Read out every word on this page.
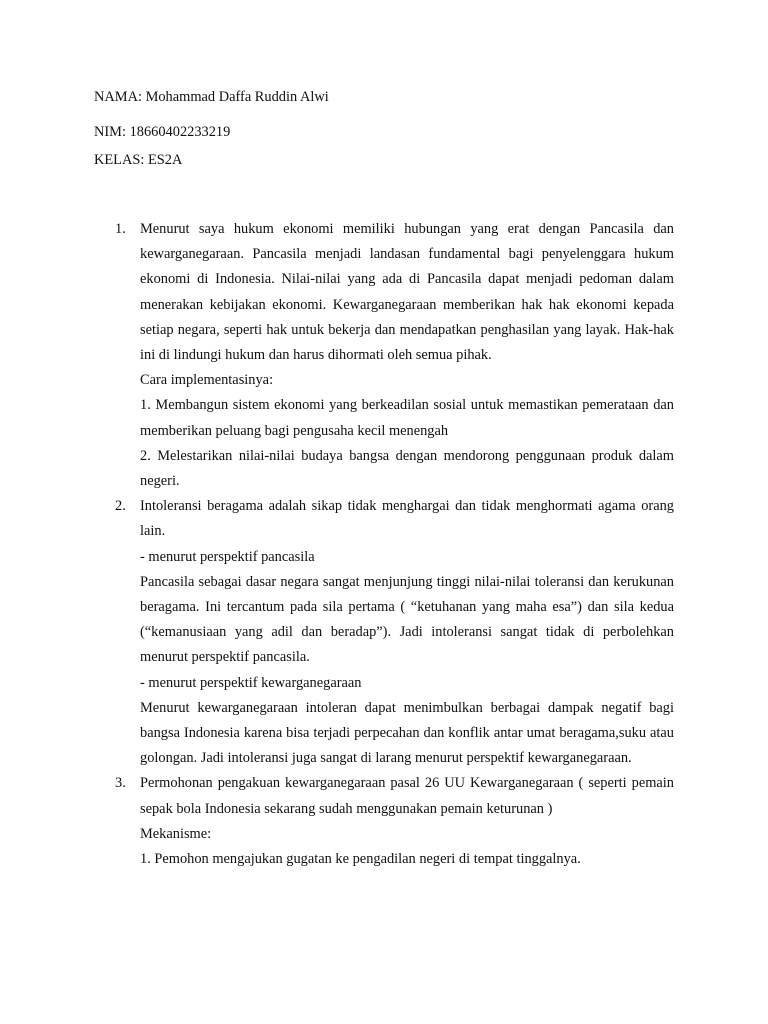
NAMA: Mohammad Daffa Ruddin Alwi

NIM: 18660402233219

KELAS: ES2A

1. Menurut saya hukum ekonomi memiliki hubungan yang erat dengan Pancasila dan kewarganegaraan. Pancasila menjadi landasan fundamental bagi penyelenggara hukum ekonomi di Indonesia. Nilai-nilai yang ada di Pancasila dapat menjadi pedoman dalam menerakan kebijakan ekonomi. Kewarganegaraan memberikan hak hak ekonomi kepada setiap negara, seperti hak untuk bekerja dan mendapatkan penghasilan yang layak. Hak-hak ini di lindungi hukum dan harus dihormati oleh semua pihak.

Cara implementasinya:

1. Membangun sistem ekonomi yang berkeadilan sosial untuk memastikan pemerataan dan memberikan peluang bagi pengusaha kecil menengah

2. Melestarikan nilai-nilai budaya bangsa dengan mendorong penggunaan produk dalam negeri.

2. Intoleransi beragama adalah sikap tidak menghargai dan tidak menghormati agama orang lain.

- menurut perspektif pancasila

Pancasila sebagai dasar negara sangat menjunjung tinggi nilai-nilai toleransi dan kerukunan beragama. Ini tercantum pada sila pertama ( “ketuhanan yang maha esa”) dan sila kedua (“kemanusiaan yang adil dan beradap”). Jadi intoleransi sangat tidak di perbolehkan menurut perspektif pancasila.

- menurut perspektif kewarganegaraan

Menurut kewarganegaraan intoleran dapat menimbulkan berbagai dampak negatif bagi bangsa Indonesia karena bisa terjadi perpecahan dan konflik antar umat beragama,suku atau golongan. Jadi intoleransi juga sangat di larang menurut perspektif kewarganegaraan.

3. Permohonan pengakuan kewarganegaraan pasal 26 UU Kewarganegaraan ( seperti pemain sepak bola Indonesia sekarang sudah menggunakan pemain keturunan )

Mekanisme:

1. Pemohon mengajukan gugatan ke pengadilan negeri di tempat tinggalnya.
